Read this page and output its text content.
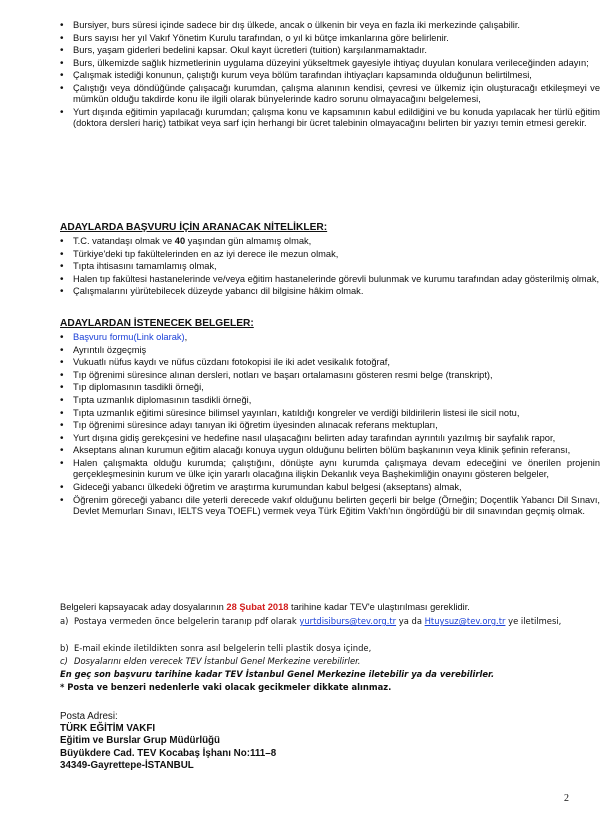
• Bursiyer, burs süresi içinde sadece bir dış ülkede, ancak o ülkenin bir veya en fazla iki merkezinde çalışabilir.
• Burs sayısı her yıl Vakıf Yönetim Kurulu tarafından, o yıl ki bütçe imkanlarına göre belirlenir.
• Burs, yaşam giderleri bedelini kapsar. Okul kayıt ücretleri (tuition) karşılanmamaktadır.
• Burs, ülkemizde sağlık hizmetlerinin uygulama düzeyini yükseltmek gayesiyle ihtiyaç duyulan konulara verileceğinden adayın;
• Çalışmak istediği konunun, çalıştığı kurum veya bölüm tarafından ihtiyaçları kapsamında olduğunun belirtilmesi,
• Çalıştığı veya döndüğünde çalışacağı kurumdan, çalışma alanının kendisi, çevresi ve ülkemiz için oluşturacağı etkileşmeyi ve mümkün olduğu takdirde konu ile ilgili olarak bünyelerinde kadro sorunu olmayacağını belgelemesi,
• Yurt dışında eğitimin yapılacağı kurumdan; çalışma konu ve kapsamının kabul edildiğini ve bu konuda yapılacak her türlü eğitim (doktora dersleri hariç) tatbikat veya sarf için herhangi bir ücret talebinin olmayacağını belirten bir yazıyı temin etmesi gerekir.
ADAYLARDA BAŞVURU İÇİN ARANACAK NİTELİKLER:
• T.C. vatandaşı olmak ve 40 yaşından gün almamış olmak,
• Türkiye'deki tıp fakültelerinden en az iyi derece ile mezun olmak,
• Tıpta ihtisasını tamamlamış olmak,
• Halen tıp fakültesi hastanelerinde ve/veya eğitim hastanelerinde görevli bulunmak ve kurumu tarafından aday gösterilmiş olmak,
• Çalışmalarını yürütebilecek düzeyde yabancı dil bilgisine hâkim olmak.
ADAYLARDAN İSTENECEK BELGELER:
• Başvuru formu(Link olarak),
• Ayrıntılı özgeçmiş
• Vukuatlı nüfus kaydı ve nüfus cüzdanı fotokopisi ile iki adet vesikalık fotoğraf,
• Tıp öğrenimi süresince alınan dersleri, notları ve başarı ortalamasını gösteren resmi belge (transkript),
• Tıp diplomasının tasdikli örneği,
• Tıpta uzmanlık diplomasının tasdikli örneği,
• Tıpta uzmanlık eğitimi süresince bilimsel yayınları, katıldığı kongreler ve verdiği bildirilerin listesi ile sicil notu,
• Tıp öğrenimi süresince adayı tanıyan iki öğretim üyesinden alınacak referans mektupları,
• Yurt dışına gidiş gerekçesini ve hedefine nasıl ulaşacağını belirten aday tarafından ayrıntılı yazılmış bir sayfalık rapor,
• Akseptans alınan kurumun eğitim alacağı konuya uygun olduğunu belirten bölüm başkanının veya klinik şefinin referansı,
• Halen çalışmakta olduğu kurumda; çalıştığını, dönüşte aynı kurumda çalışmaya devam edeceğini ve önerilen projenin gerçekleşmesinin kurum ve ülke için yararlı olacağına ilişkin Dekanlık veya Başhekimliğin onayını gösteren belgeler,
• Gideceği yabancı ülkedeki öğretim ve araştırma kurumundan kabul belgesi (akseptans) almak,
• Öğrenim göreceği yabancı dile yeterli derecede vakıf olduğunu belirten geçerli bir belge (Örneğin; Doçentlik Yabancı Dil Sınavı, Devlet Memurları Sınavı, IELTS veya TOEFL) vermek veya Türk Eğitim Vakfı'nın öngördüğü bir dil sınavından geçmiş olmak.
Belgeleri kapsayacak aday dosyalarının 28 Şubat 2018 tarihine kadar TEV'e ulaştırılması gereklidir.
a) Postaya vermeden önce belgelerin taranıp pdf olarak yurtdisiburs@tev.org.tr ya da Htuysuz@tev.org.tr ye iletilmesi,
b) E-mail ekinde iletildikten sonra asıl belgelerin telli plastik dosya içinde,
c) Dosyalarını elden verecek TEV İstanbul Genel Merkezine verebilirler.
En geç son başvuru tarihine kadar TEV İstanbul Genel Merkezine iletebilir ya da verebilirler.
* Posta ve benzeri nedenlerle vaki olacak gecikmeler dikkate alınmaz.
Posta Adresi:
TÜRK EĞİTİM VAKFI
Eğitim ve Burslar Grup Müdürlüğü
Büyükdere Cad. TEV Kocabaş İşhanı No:111–8
34349-Gayrettepe-İSTANBUL
2
